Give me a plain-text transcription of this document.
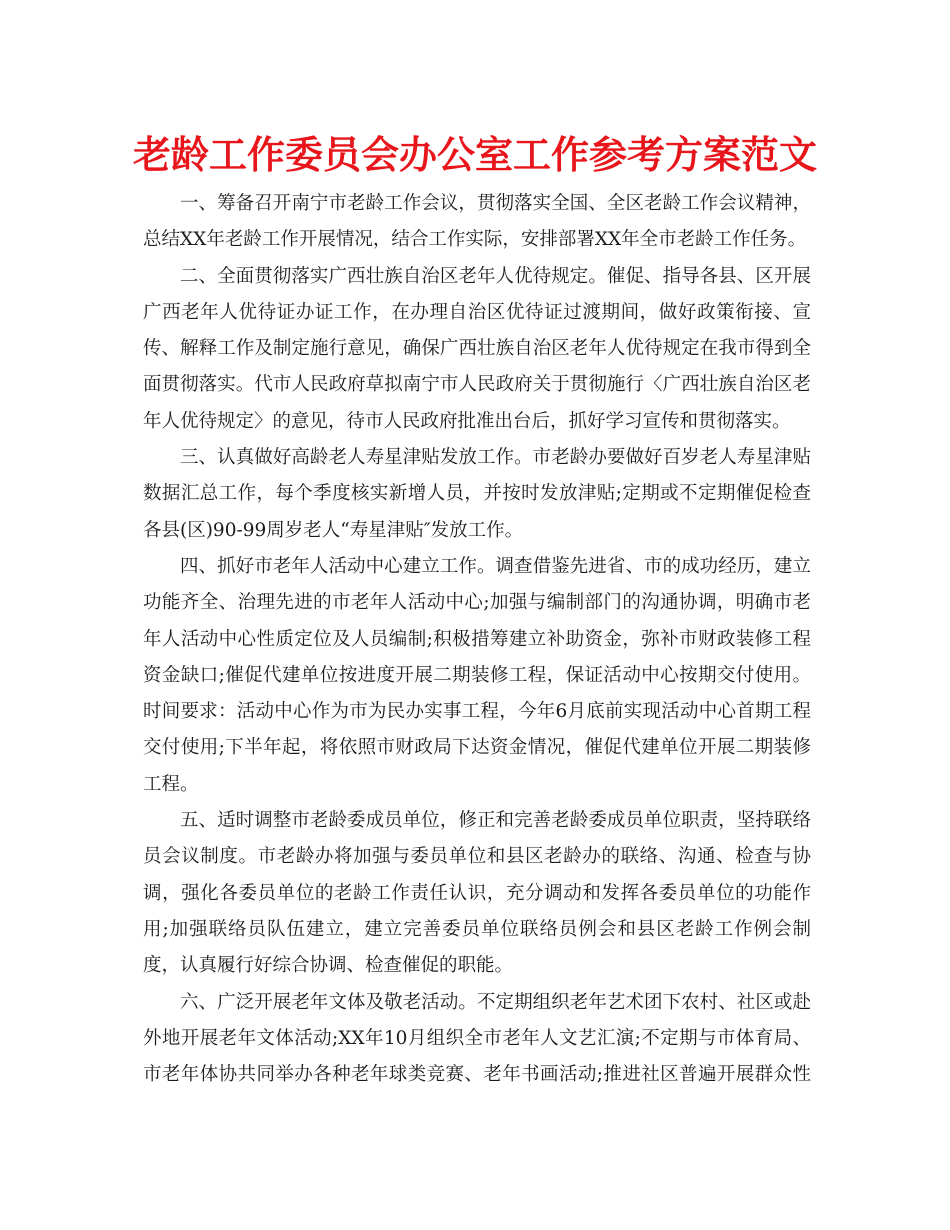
老龄工作委员会办公室工作参考方案范文

一、筹备召开南宁市老龄工作会议，贯彻落实全国、全区老龄工作会议精神，
总结XX年老龄工作开展情况，结合工作实际，安排部署XX年全市老龄工作任务。

二、全面贯彻落实广西壮族自治区老年人优待规定。催促、指导各县、区开展
广西老年人优待证办证工作，在办理自治区优待证过渡期间，做好政策衔接、宣
传、解释工作及制定施行意见，确保广西壮族自治区老年人优待规定在我市得到全
面贯彻落实。代市人民政府草拟南宁市人民政府关于贯彻施行〈广西壮族自治区老
年人优待规定〉的意见，待市人民政府批准出台后，抓好学习宣传和贯彻落实。

三、认真做好高龄老人寿星津贴发放工作。市老龄办要做好百岁老人寿星津贴
数据汇总工作，每个季度核实新增人员，并按时发放津贴;定期或不定期催促检查
各县(区)90-99周岁老人“寿星津贴″发放工作。

四、抓好市老年人活动中心建立工作。调查借鉴先进省、市的成功经历，建立
功能齐全、治理先进的市老年人活动中心;加强与编制部门的沟通协调，明确市老
年人活动中心性质定位及人员编制;积极措筹建立补助资金，弥补市财政装修工程
资金缺口;催促代建单位按进度开展二期装修工程，保证活动中心按期交付使用。
时间要求：活动中心作为市为民办实事工程，今年6月底前实现活动中心首期工程
交付使用;下半年起，将依照市财政局下达资金情况，催促代建单位开展二期装修
工程。

五、适时调整市老龄委成员单位，修正和完善老龄委成员单位职责，坚持联络
员会议制度。市老龄办将加强与委员单位和县区老龄办的联络、沟通、检查与协
调，强化各委员单位的老龄工作责任认识，充分调动和发挥各委员单位的功能作
用;加强联络员队伍建立，建立完善委员单位联络员例会和县区老龄工作例会制
度，认真履行好综合协调、检查催促的职能。

六、广泛开展老年文体及敬老活动。不定期组织老年艺术团下农村、社区或赴
外地开展老年文体活动;XX年10月组织全市老年人文艺汇演;不定期与市体育局、
市老年体协共同举办各种老年球类竞赛、老年书画活动;推进社区普遍开展群众性
